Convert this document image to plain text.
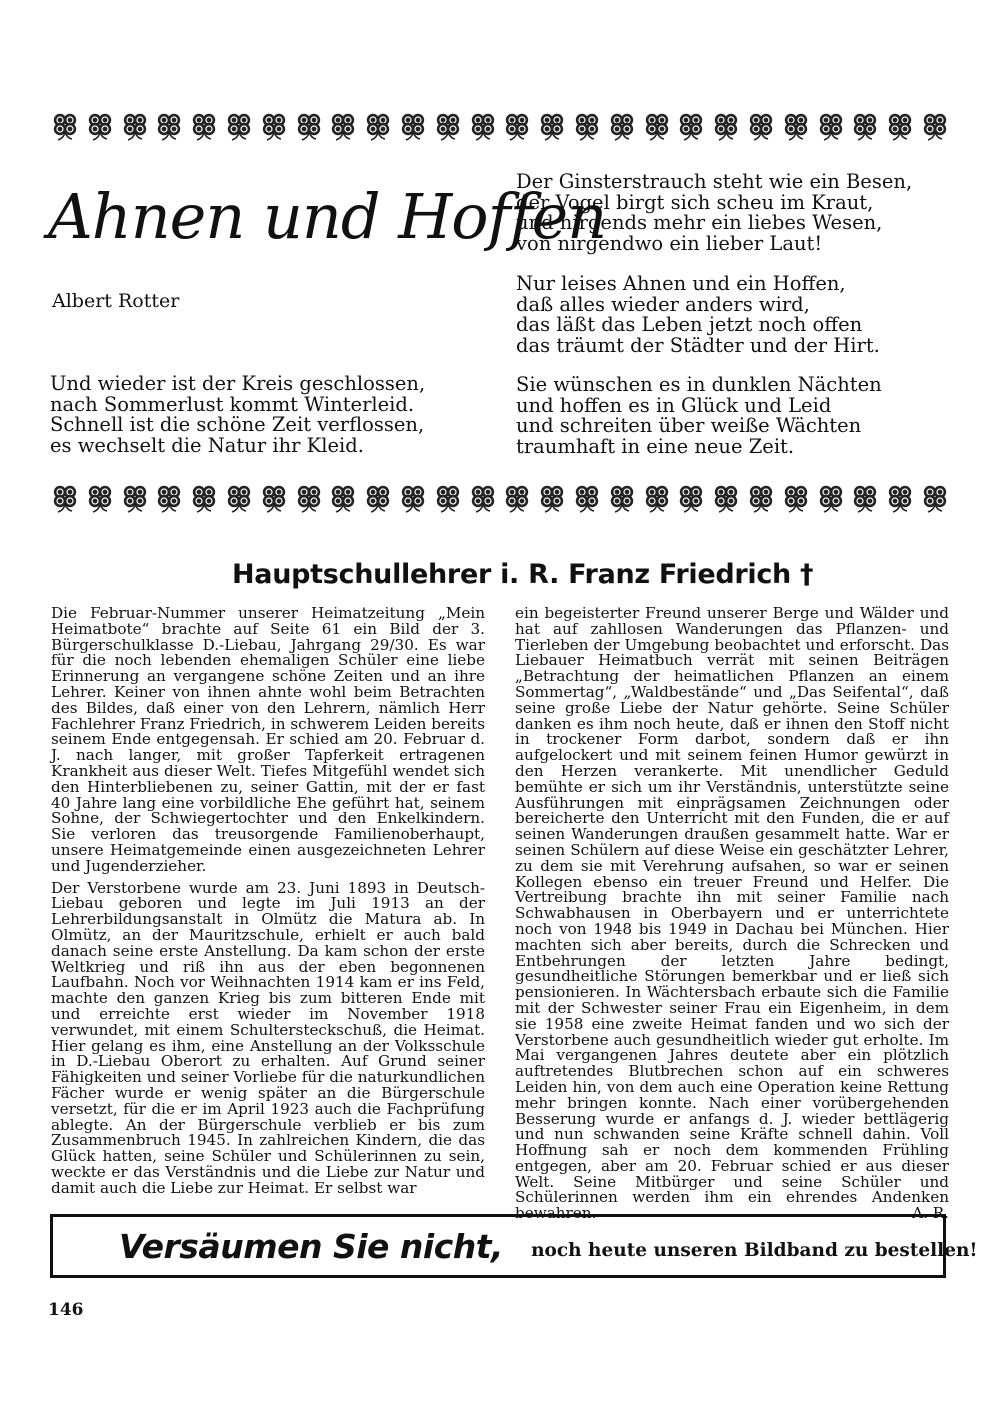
Ahnen und Hoffen
Albert Rotter
Und wieder ist der Kreis geschlossen,
nach Sommerlust kommt Winterleid.
Schnell ist die schöne Zeit verflossen,
es wechselt die Natur ihr Kleid.
Der Ginsterstrauch steht wie ein Besen,
der Vogel birgt sich scheu im Kraut,
und nirgends mehr ein liebes Wesen,
von nirgendwo ein lieber Laut!
Nur leises Ahnen und ein Hoffen,
daß alles wieder anders wird,
das läßt das Leben jetzt noch offen
das träumt der Städter und der Hirt.
Sie wünschen es in dunklen Nächten
und hoffen es in Glück und Leid
und schreiten über weiße Wächten
traumhaft in eine neue Zeit.
Hauptschullehrer i. R. Franz Friedrich †

Die Februar-Nummer unserer Heimatzeitung „Mein Heimatbote“ brachte auf Seite 61 ein Bild der 3. Bürgerschulklasse D.-Liebau, Jahrgang 29/30. Es war für die noch lebenden ehemaligen Schüler eine liebe Erinnerung an vergangene schöne Zeiten und an ihre Lehrer. Keiner von ihnen ahnte wohl beim Betrachten des Bildes, daß einer von den Lehrern, nämlich Herr Fachlehrer Franz Friedrich, in schwerem Leiden bereits seinem Ende entgegensah. Er schied am 20. Februar d. J. nach langer, mit großer Tapferkeit ertragenen Krankheit aus dieser Welt. Tiefes Mitgefühl wendet sich den Hinterbliebenen zu, seiner Gattin, mit der er fast 40 Jahre lang eine vorbildliche Ehe geführt hat, seinem Sohne, der Schwiegertochter und den Enkelkindern. Sie verloren das treusorgende Familienoberhaupt, unsere Heimatgemeinde einen ausgezeichneten Lehrer und Jugenderzieher.

Der Verstorbene wurde am 23. Juni 1893 in Deutsch-Liebau geboren und legte im Juli 1913 an der Lehrerbildungsanstalt in Olmütz die Matura ab. In Olmütz, an der Mauritzschule, erhielt er auch bald danach seine erste Anstellung. Da kam schon der erste Weltkrieg und riß ihn aus der eben begonnenen Laufbahn. Noch vor Weihnachten 1914 kam er ins Feld, machte den ganzen Krieg bis zum bitteren Ende mit und erreichte erst wieder im November 1918 verwundet, mit einem Schultersteckschuß, die Heimat. Hier gelang es ihm, eine Anstellung an der Volksschule in D.-Liebau Oberort zu erhalten. Auf Grund seiner Fähigkeiten und seiner Vorliebe für die naturkundlichen Fächer wurde er wenig später an die Bürgerschule versetzt, für die er im April 1923 auch die Fachprüfung ablegte. An der Bürgerschule verblieb er bis zum Zusammenbruch 1945. In zahlreichen Kindern, die das Glück hatten, seine Schüler und Schülerinnen zu sein, weckte er das Verständnis und die Liebe zur Natur und damit auch die Liebe zur Heimat. Er selbst war

ein begeisterter Freund unserer Berge und Wälder und hat auf zahllosen Wanderungen das Pflanzen- und Tierleben der Umgebung beobachtet und erforscht. Das Liebauer Heimatbuch verrät mit seinen Beiträgen „Betrachtung der heimatlichen Pflanzen an einem Sommertag“, „Waldbestände“ und „Das Seifental“, daß seine große Liebe der Natur gehörte. Seine Schüler danken es ihm noch heute, daß er ihnen den Stoff nicht in trockener Form darbot, sondern daß er ihn aufgelockert und mit seinem feinen Humor gewürzt in den Herzen verankerte. Mit unendlicher Geduld bemühte er sich um ihr Verständnis, unterstützte seine Ausführungen mit einprägsamen Zeichnungen oder bereicherte den Unterricht mit den Funden, die er auf seinen Wanderungen draußen gesammelt hatte. War er seinen Schülern auf diese Weise ein geschätzter Lehrer, zu dem sie mit Verehrung aufsahen, so war er seinen Kollegen ebenso ein treuer Freund und Helfer. Die Vertreibung brachte ihn mit seiner Familie nach Schwabhausen in Oberbayern und er unterrichtete noch von 1948 bis 1949 in Dachau bei München. Hier machten sich aber bereits, durch die Schrecken und Entbehrungen der letzten Jahre bedingt, gesundheitliche Störungen bemerkbar und er ließ sich pensionieren. In Wächtersbach erbaute sich die Familie mit der Schwester seiner Frau ein Eigenheim, in dem sie 1958 eine zweite Heimat fanden und wo sich der Verstorbene auch gesundheitlich wieder gut erholte. Im Mai vergangenen Jahres deutete aber ein plötzlich auftretendes Blutbrechen schon auf ein schweres Leiden hin, von dem auch eine Operation keine Rettung mehr bringen konnte. Nach einer vorübergehenden Besserung wurde er anfangs d. J. wieder bettlägerig und nun schwanden seine Kräfte schnell dahin. Voll Hoffnung sah er noch dem kommenden Frühling entgegen, aber am 20. Februar schied er aus dieser Welt. Seine Mitbürger und seine Schüler und Schülerinnen werden ihm ein ehrendes Andenken bewahren.	A. R.

Versäumen Sie nicht, noch heute unseren Bildband zu bestellen!
146
